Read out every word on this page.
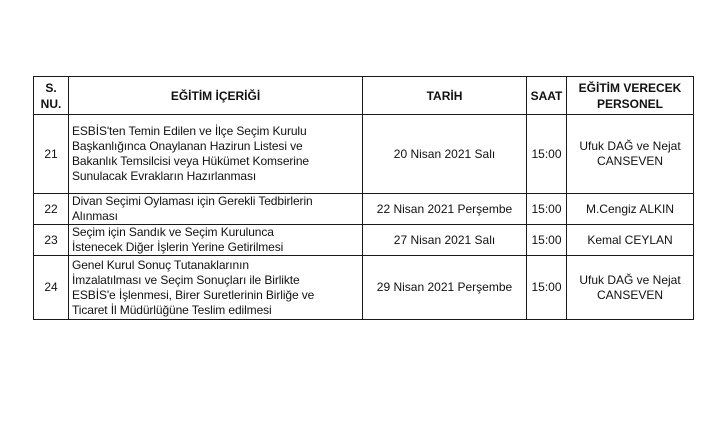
S.
NU.	EĞİTİM İÇERİĞİ	TARİH	SAAT	EĞİTİM VERECEK
PERSONEL

21	ESBİS'ten Temin Edilen ve İlçe Seçim Kurulu
Başkanlığınca Onaylanan Hazirun Listesi ve
Bakanlık Temsilcisi veya Hükümet Komserine
Sunulacak Evrakların Hazırlanması	20 Nisan 2021 Salı	15:00	Ufuk DAĞ ve Nejat
CANSEVEN

22	Divan Seçimi Oylaması için Gerekli Tedbirlerin
Alınması	22 Nisan 2021 Perşembe	15:00	M.Cengiz ALKIN

23	Seçim için Sandık ve Seçim Kurulunca
İstenecek Diğer İşlerin Yerine Getirilmesi	27 Nisan 2021 Salı	15:00	Kemal CEYLAN

24	Genel Kurul Sonuç Tutanaklarının
İmzalatılması ve Seçim Sonuçları ile Birlikte
ESBİS'e İşlenmesi, Birer Suretlerinin Birliğe ve
Ticaret İl Müdürlüğüne Teslim edilmesi	29 Nisan 2021 Perşembe	15:00	Ufuk DAĞ ve Nejat
CANSEVEN
